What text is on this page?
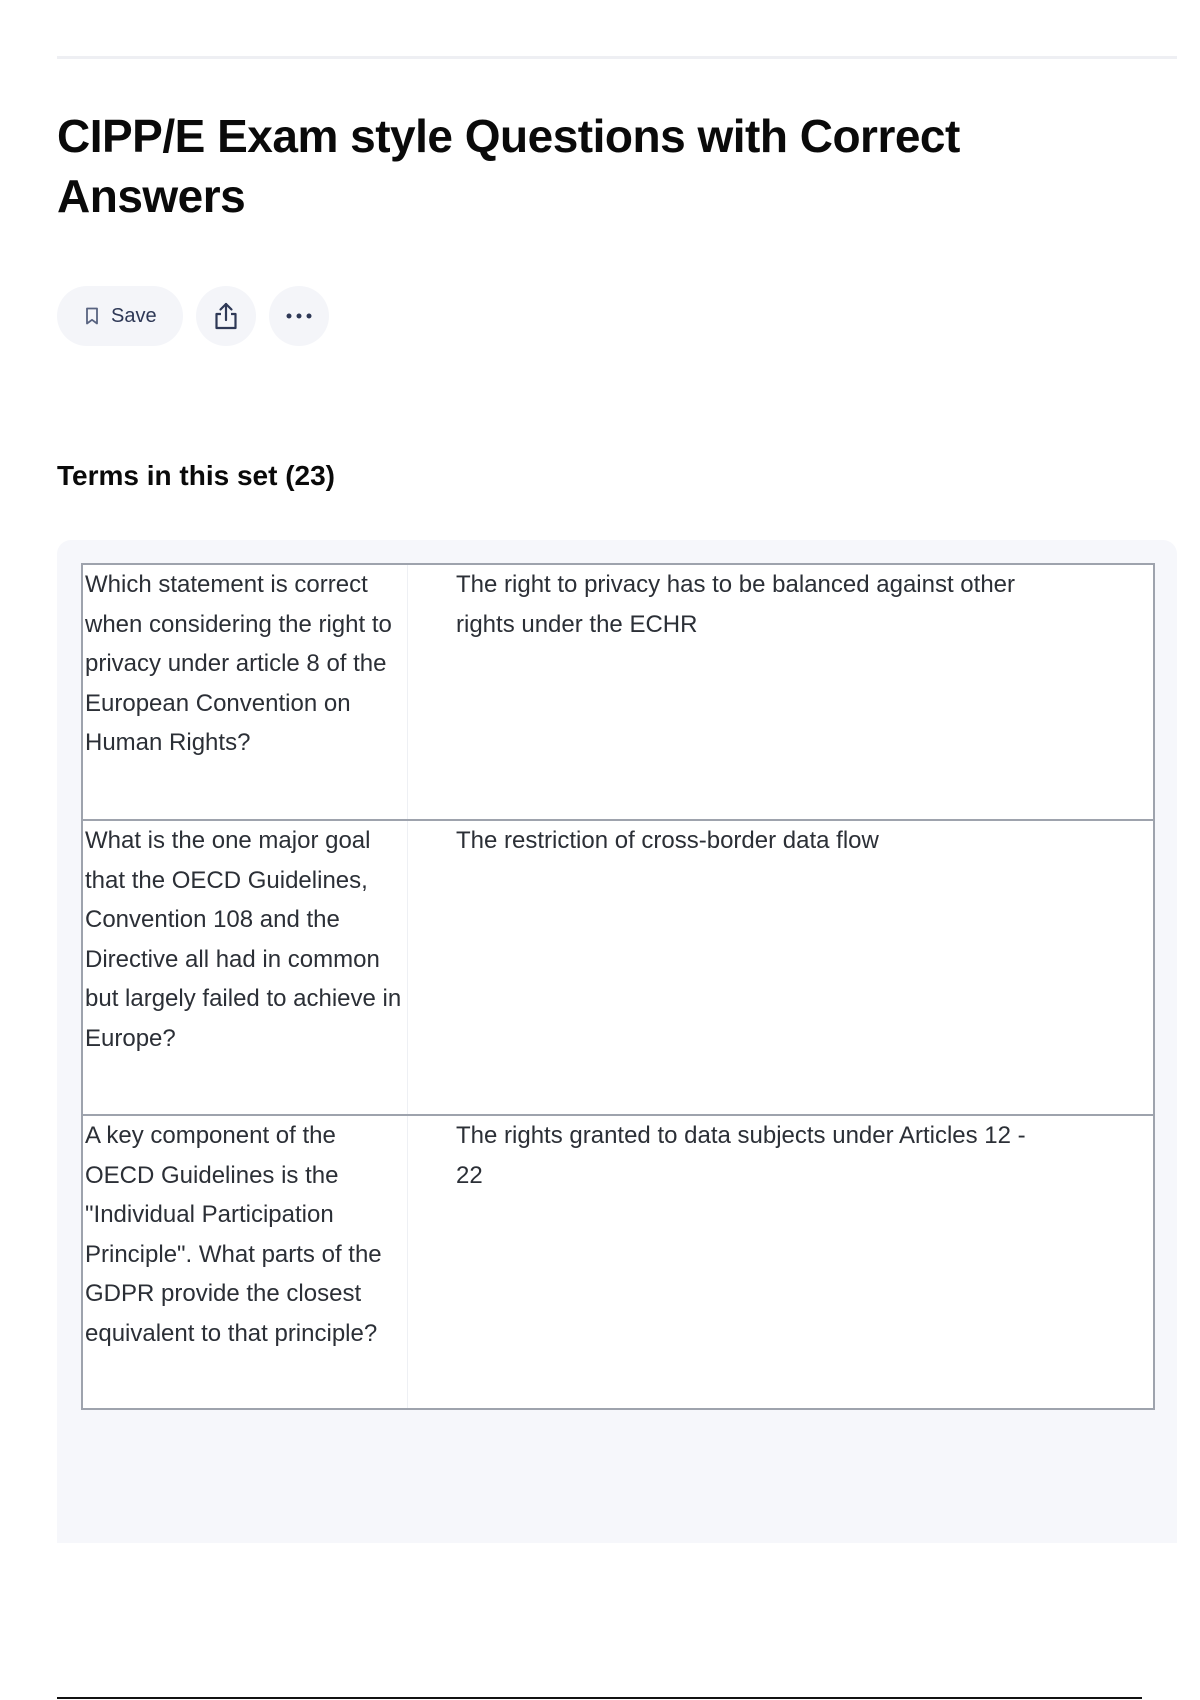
CIPP/E Exam style Questions with Correct Answers
Save
Terms in this set (23)
Which statement is correct when considering the right to privacy under article 8 of the European Convention on Human Rights?
The right to privacy has to be balanced against other rights under the ECHR
What is the one major goal that the OECD Guidelines, Convention 108 and the Directive all had in common but largely failed to achieve in Europe?
The restriction of cross-border data flow
A key component of the OECD Guidelines is the "Individual Participation Principle". What parts of the GDPR provide the closest equivalent to that principle?
The rights granted to data subjects under Articles 12 - 22
